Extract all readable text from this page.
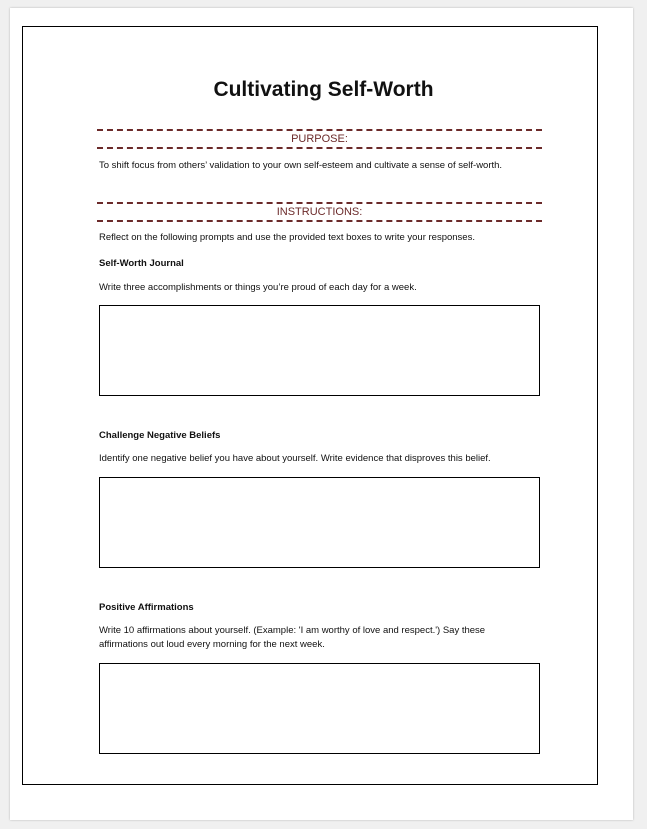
Cultivating Self-Worth
PURPOSE:
To shift focus from others’ validation to your own self-esteem and cultivate a sense of self-worth.
INSTRUCTIONS:
Reflect on the following prompts and use the provided text boxes to write your responses.
Self-Worth Journal
Write three accomplishments or things you’re proud of each day for a week.
Challenge Negative Beliefs
Identify one negative belief you have about yourself. Write evidence that disproves this belief.
Positive Affirmations
Write 10 affirmations about yourself. (Example: 'I am worthy of love and respect.') Say these affirmations out loud every morning for the next week.
